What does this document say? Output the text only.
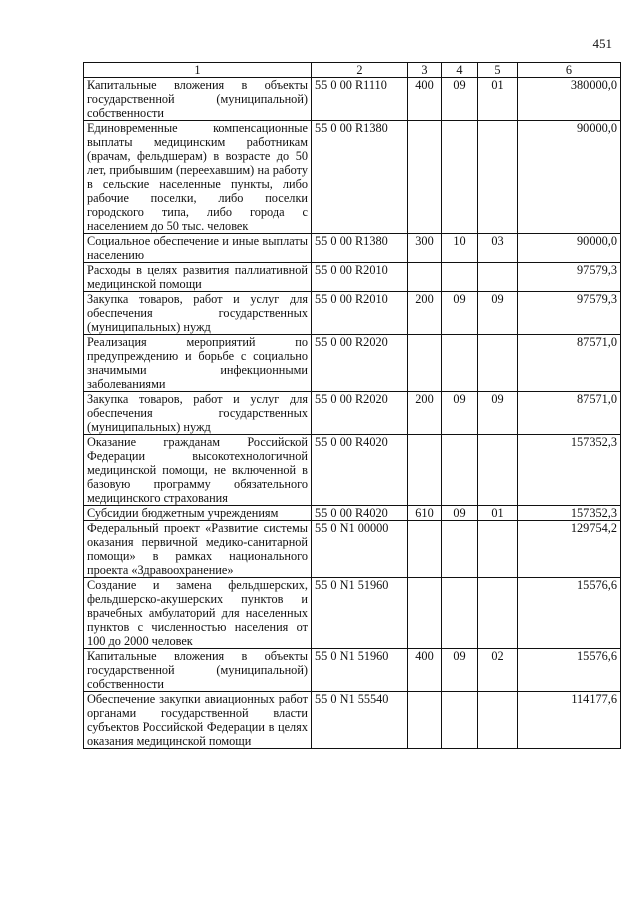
451
1	2	3	4	5	6
Капитальные вложения в объекты государственной (муниципальной) собственности	55 0 00 R1110	400	09	01	380000,0
Единовременные компенсационные выплаты медицинским работникам (врачам, фельдшерам) в возрасте до 50 лет, прибывшим (переехавшим) на работу в сельские населенные пункты, либо рабочие поселки, либо поселки городского типа, либо города с населением до 50 тыс. человек	55 0 00 R1380				90000,0
Социальное обеспечение и иные выплаты населению	55 0 00 R1380	300	10	03	90000,0
Расходы в целях развития паллиативной медицинской помощи	55 0 00 R2010				97579,3
Закупка товаров, работ и услуг для обеспечения государственных (муниципальных) нужд	55 0 00 R2010	200	09	09	97579,3
Реализация мероприятий по предупреждению и борьбе с социально значимыми инфекционными заболеваниями	55 0 00 R2020				87571,0
Закупка товаров, работ и услуг для обеспечения государственных (муниципальных) нужд	55 0 00 R2020	200	09	09	87571,0
Оказание гражданам Российской Федерации высокотехнологичной медицинской помощи, не включенной в базовую программу обязательного медицинского страхования	55 0 00 R4020				157352,3
Субсидии бюджетным учреждениям	55 0 00 R4020	610	09	01	157352,3
Федеральный проект «Развитие системы оказания первичной медико-санитарной помощи» в рамках национального проекта «Здравоохранение»	55 0 N1 00000				129754,2
Создание и замена фельдшерских, фельдшерско-акушерских пунктов и врачебных амбулаторий для населенных пунктов с численностью населения от 100 до 2000 человек	55 0 N1 51960				15576,6
Капитальные вложения в объекты государственной (муниципальной) собственности	55 0 N1 51960	400	09	02	15576,6
Обеспечение закупки авиационных работ органами государственной власти субъектов Российской Федерации в целях оказания медицинской помощи	55 0 N1 55540				114177,6
